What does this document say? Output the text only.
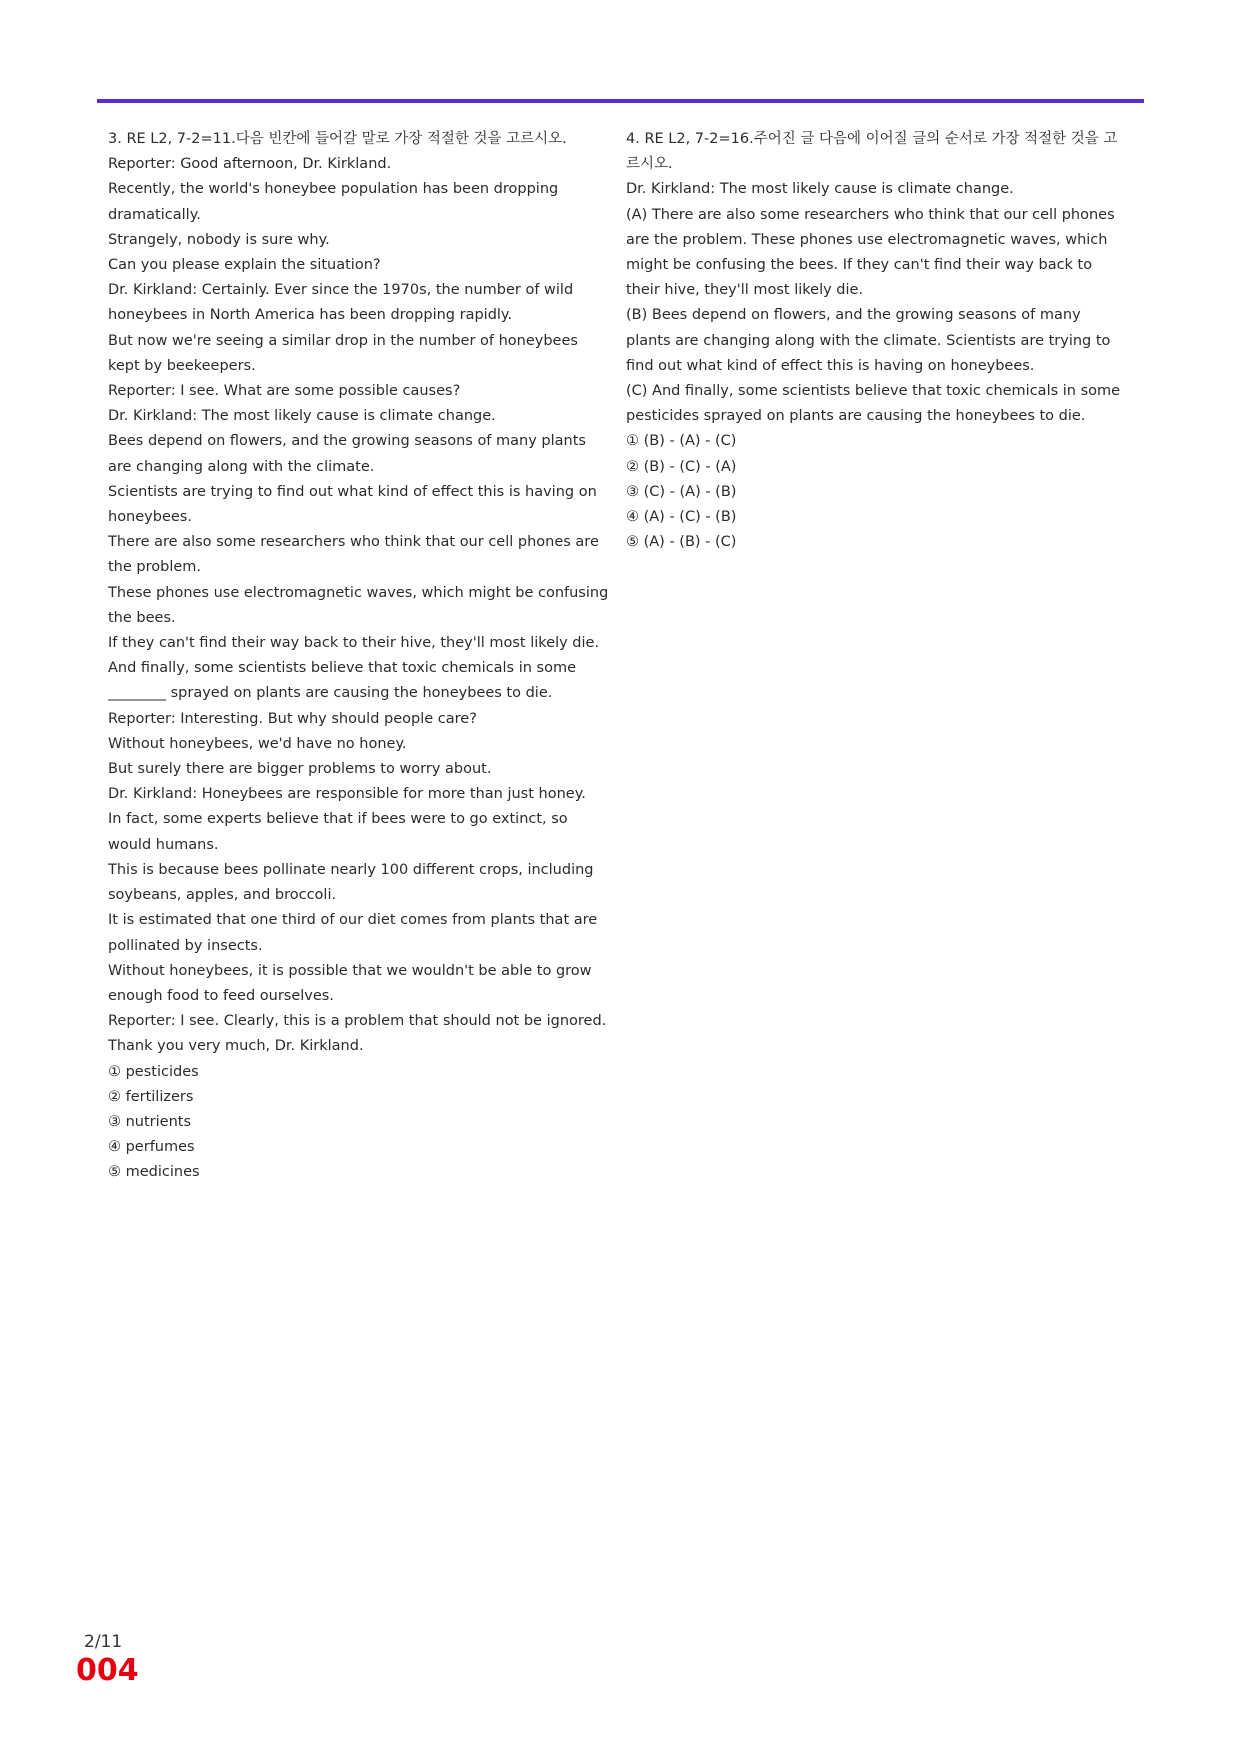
3. RE L2, 7-2=11.다음 빈칸에 들어갈 말로 가장 적절한 것을 고르시오.
Reporter: Good afternoon, Dr. Kirkland.
Recently, the world's honeybee population has been dropping dramatically.
Strangely, nobody is sure why.
Can you please explain the situation?
Dr. Kirkland: Certainly. Ever since the 1970s, the number of wild honeybees in North America has been dropping rapidly.
But now we're seeing a similar drop in the number of honeybees kept by beekeepers.
Reporter: I see. What are some possible causes?
Dr. Kirkland: The most likely cause is climate change.
Bees depend on flowers, and the growing seasons of many plants are changing along with the climate.
Scientists are trying to find out what kind of effect this is having on honeybees.
There are also some researchers who think that our cell phones are the problem.
These phones use electromagnetic waves, which might be confusing the bees.
If they can't find their way back to their hive, they'll most likely die.
And finally, some scientists believe that toxic chemicals in some ________ sprayed on plants are causing the honeybees to die.
Reporter: Interesting. But why should people care?
Without honeybees, we'd have no honey.
But surely there are bigger problems to worry about.
Dr. Kirkland: Honeybees are responsible for more than just honey.
In fact, some experts believe that if bees were to go extinct, so would humans.
This is because bees pollinate nearly 100 different crops, including soybeans, apples, and broccoli.
It is estimated that one third of our diet comes from plants that are pollinated by insects.
Without honeybees, it is possible that we wouldn't be able to grow enough food to feed ourselves.
Reporter: I see. Clearly, this is a problem that should not be ignored.
Thank you very much, Dr. Kirkland.
① pesticides
② fertilizers
③ nutrients
④ perfumes
⑤ medicines
4. RE L2, 7-2=16.주어진 글 다음에 이어질 글의 순서로 가장 적절한 것을 고르시오.
Dr. Kirkland: The most likely cause is climate change.
(A) There are also some researchers who think that our cell phones are the problem. These phones use electromagnetic waves, which might be confusing the bees. If they can't find their way back to their hive, they'll most likely die.
(B) Bees depend on flowers, and the growing seasons of many plants are changing along with the climate. Scientists are trying to find out what kind of effect this is having on honeybees.
(C) And finally, some scientists believe that toxic chemicals in some pesticides sprayed on plants are causing the honeybees to die.
① (B) - (A) - (C)
② (B) - (C) - (A)
③ (C) - (A) - (B)
④ (A) - (C) - (B)
⑤ (A) - (B) - (C)
2/11
004
